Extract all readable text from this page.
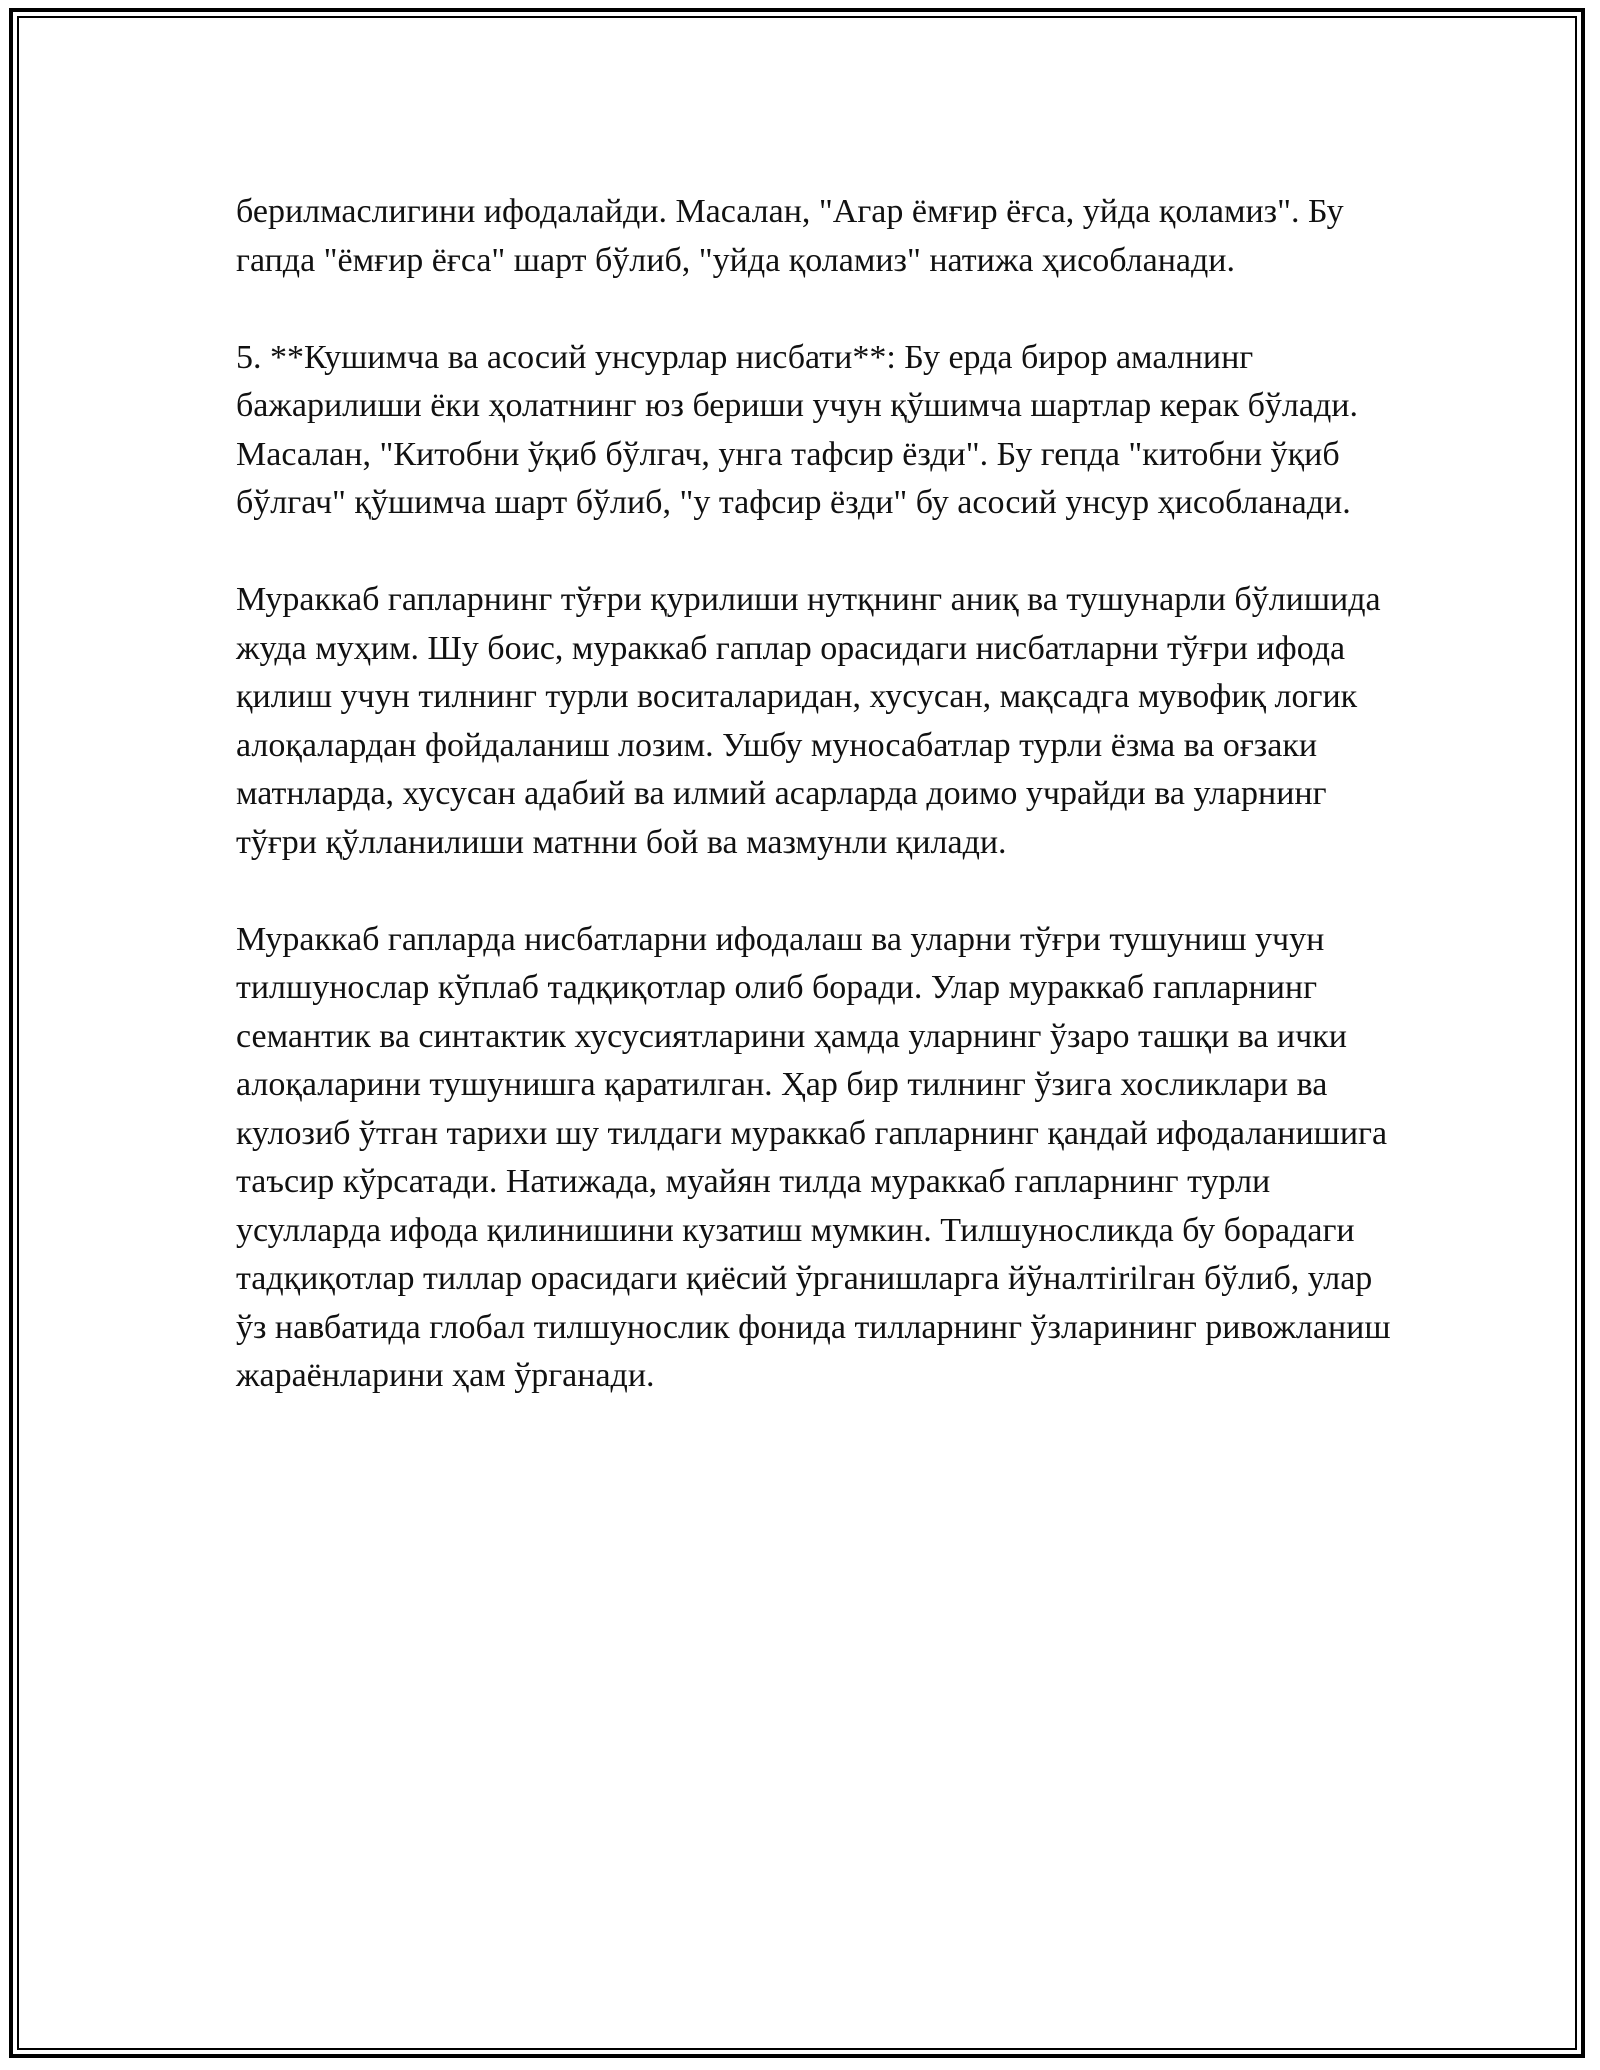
берилмаслигини ифодалайди. Масалан, "Агар ёмғир ёғса, уйда қоламиз". Бу гапда "ёмғир ёғса" шарт бўлиб, "уйда қоламиз" натижа ҳисобланади.

5. **Кушимча ва асосий унсурлар нисбати**: Бу ерда бирор амалнинг бажарилиши ёки ҳолатнинг юз бериши учун қўшимча шартлар керак бўлади. Масалан, "Китобни ўқиб бўлгач, унга тафсир ёзди". Бу гепда "китобни ўқиб бўлгач" қўшимча шарт бўлиб, "у тафсир ёзди" бу асосий унсур ҳисобланади.

Мураккаб гапларнинг тўғри қурилиши нутқнинг аниқ ва тушунарли бўлишида жуда муҳим. Шу боис, мураккаб гаплар орасидаги нисбатларни тўғри ифода қилиш учун тилнинг турли воситаларидан, хусусан, мақсадга мувофиқ логик алоқалардан фойдаланиш лозим. Ушбу муносабатлар турли ёзма ва оғзаки матнларда, хусусан адабий ва илмий асарларда доимо учрайди ва уларнинг тўғри қўлланилиши матнни бой ва мазмунли қилади.

Мураккаб гапларда нисбатларни ифодалаш ва уларни тўғри тушуниш учун тилшунослар кўплаб тадқиқотлар олиб боради. Улар мураккаб гапларнинг семантик ва синтактик хусусиятларини ҳамда уларнинг ўзаро ташқи ва ички алоқаларини тушунишга қаратилган. Ҳар бир тилнинг ўзига хосликлари ва кулозиб ўтган тарихи шу тилдаги мураккаб гапларнинг қандай ифодаланишига таъсир кўрсатади. Натижада, муайян тилда мураккаб гапларнинг турли усулларда ифода қилинишини кузатиш мумкин. Тилшуносликда бу борадаги тадқиқотлар тиллар орасидаги қиёсий ўрганишларга йўналтirilган бўлиб, улар ўз навбатида глобал тилшунослик фонида тилларнинг ўзларининг ривожланиш жараёнларини ҳам ўрганади.
